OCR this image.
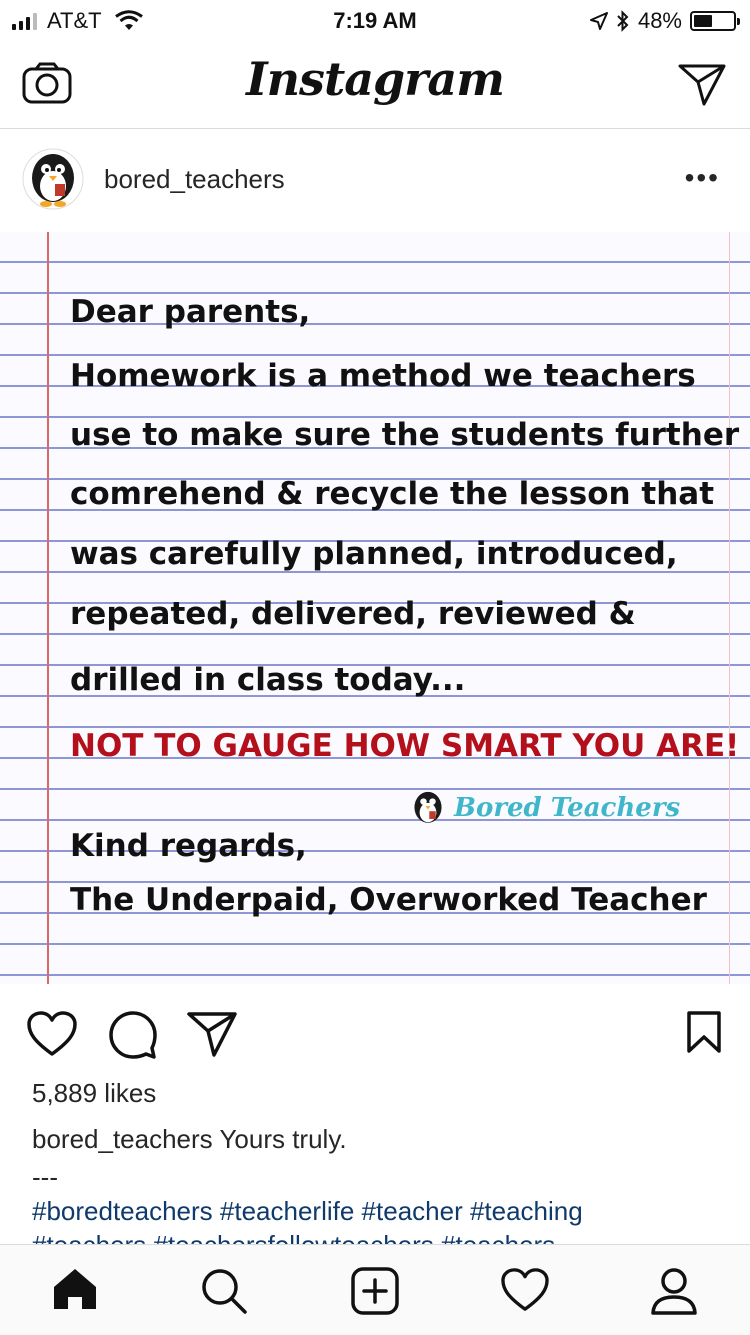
AT&T	7:19 AM	48%
Instagram
bored_teachers	•••
Dear parents,
Homework is a method we teachers
use to make sure the students further
comrehend & recycle the lesson that
was carefully planned, introduced,
repeated, delivered, reviewed &
drilled in class today...
NOT TO GAUGE HOW SMART YOU ARE!
Bored Teachers
Kind regards,
The Underpaid, Overworked Teacher
5,889 likes
bored_teachers Yours truly.
---
#boredteachers #teacherlife #teacher #teaching
